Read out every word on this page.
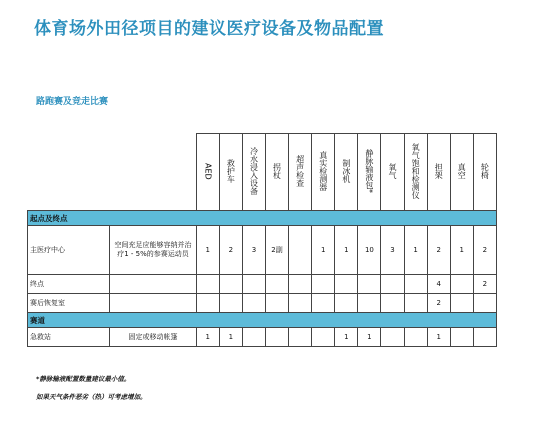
体育场外田径项目的建议医疗设备及物品配置
路跑赛及竞走比赛
		AED	救护车	冷水浸入设备	拐杖	超声检查	真实检测器	制冰机	静脉输液包*	氧气	氧气饱和检测仪	担架	真空	轮椅
起点及终点														
主医疗中心	空间充足应能够容纳并治疗1 - 5%的参赛运动员	1	2	3	2副		1	1	10	3	1	2	1	2
终点												4		2
赛后恢复室												2		
赛道														
急救站	固定或移动帐篷	1	1					1	1			1		
*静脉输液配置数量建议最小值。
如果天气条件恶劣（热）可考虑增加。
